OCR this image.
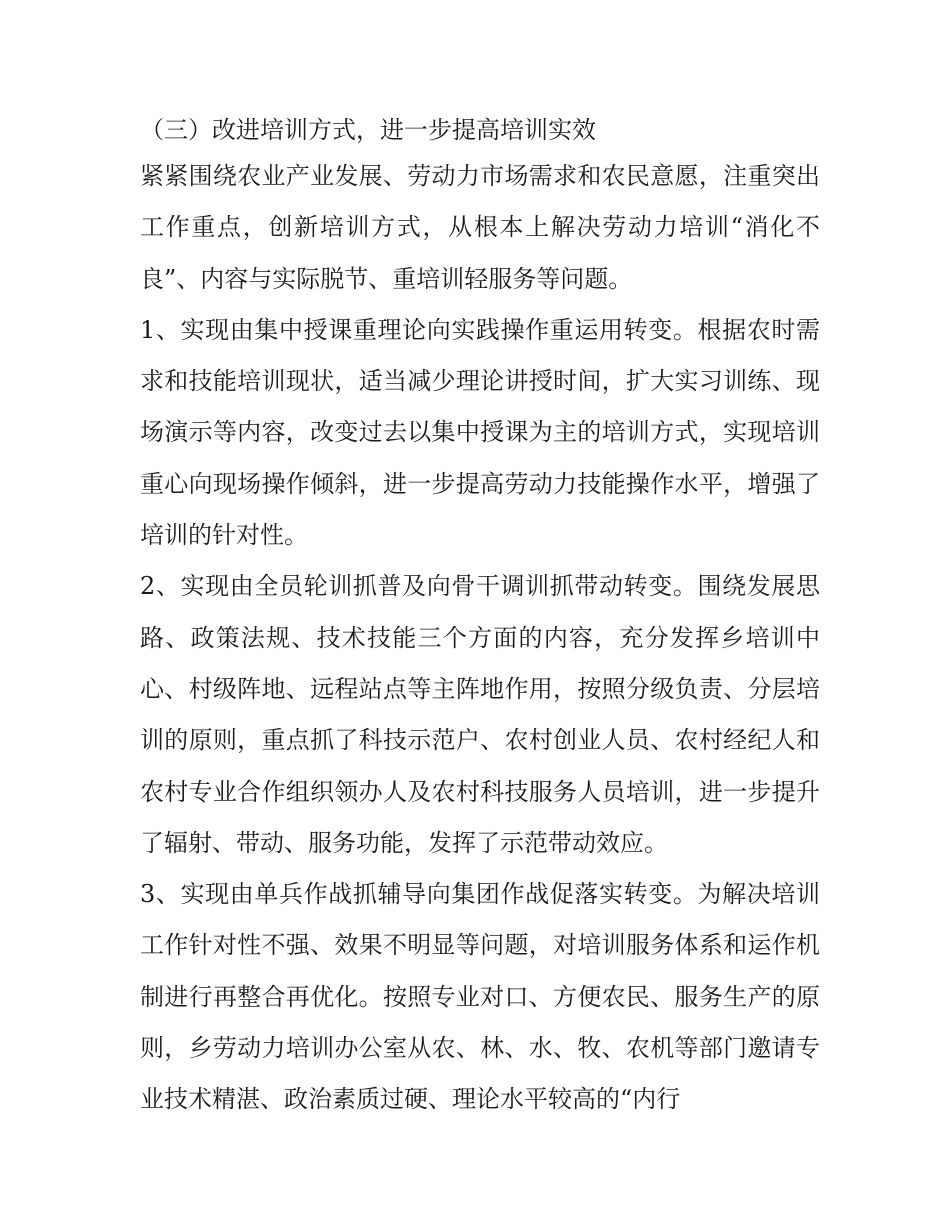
（三）改进培训方式，进一步提高培训实效

紧紧围绕农业产业发展、劳动力市场需求和农民意愿，注重突出工作重点，创新培训方式，从根本上解决劳动力培训“消化不良”、内容与实际脱节、重培训轻服务等问题。

1、实现由集中授课重理论向实践操作重运用转变。根据农时需求和技能培训现状，适当减少理论讲授时间，扩大实习训练、现场演示等内容，改变过去以集中授课为主的培训方式，实现培训重心向现场操作倾斜，进一步提高劳动力技能操作水平，增强了培训的针对性。

2、实现由全员轮训抓普及向骨干调训抓带动转变。围绕发展思路、政策法规、技术技能三个方面的内容，充分发挥乡培训中心、村级阵地、远程站点等主阵地作用，按照分级负责、分层培训的原则，重点抓了科技示范户、农村创业人员、农村经纪人和农村专业合作组织领办人及农村科技服务人员培训，进一步提升了辐射、带动、服务功能，发挥了示范带动效应。

3、实现由单兵作战抓辅导向集团作战促落实转变。为解决培训工作针对性不强、效果不明显等问题，对培训服务体系和运作机制进行再整合再优化。按照专业对口、方便农民、服务生产的原则，乡劳动力培训办公室从农、林、水、牧、农机等部门邀请专业技术精湛、政治素质过硬、理论水平较高的“内行
